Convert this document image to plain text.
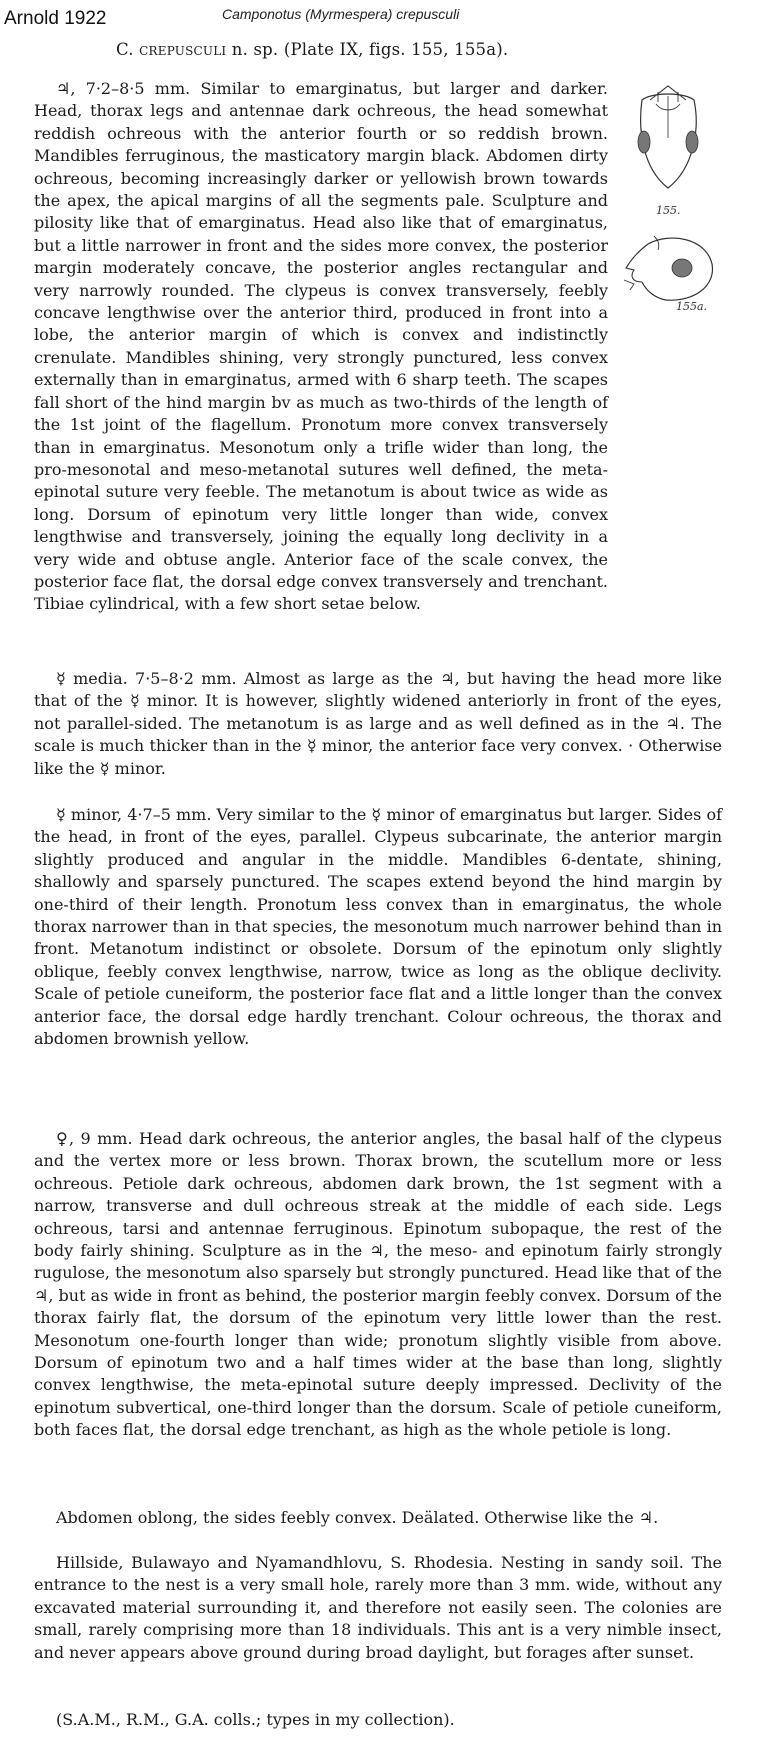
Arnold 1922	Camponotus (Myrmespera) crepusculi
C. crepusculi n. sp. (Plate IX, figs. 155, 155a).
155.
155a.

♃, 7·2–8·5 mm. Similar to emarginatus, but larger and darker. Head, thorax legs and antennae dark ochreous, the head somewhat reddish ochreous with the anterior fourth or so reddish brown. Mandibles ferruginous, the masticatory margin black. Abdomen dirty ochreous, becoming increasingly darker or yellowish brown towards the apex, the apical margins of all the segments pale. Sculpture and pilosity like that of emarginatus. Head also like that of emarginatus, but a little narrower in front and the sides more convex, the posterior margin moderately concave, the posterior angles rectangular and very narrowly rounded. The clypeus is convex transversely, feebly concave lengthwise over the anterior third, produced in front into a lobe, the anterior margin of which is convex and indistinctly crenulate. Mandibles shining, very strongly punctured, less convex externally than in emarginatus, armed with 6 sharp teeth. The scapes fall short of the hind margin bv as much as two-thirds of the length of the 1st joint of the flagellum. Pronotum more convex transversely than in emarginatus. Mesonotum only a trifle wider than long, the pro-mesonotal and meso-metanotal sutures well defined, the meta-epinotal suture very feeble. The metanotum is about twice as wide as long. Dorsum of epinotum very little longer than wide, convex lengthwise and transversely, joining the equally long declivity in a very wide and obtuse angle. Anterior face of the scale convex, the posterior face flat, the dorsal edge convex transversely and trenchant. Tibiae cylindrical, with a few short setae below.

☿ media. 7·5–8·2 mm. Almost as large as the ♃, but having the head more like that of the ☿ minor. It is however, slightly widened anteriorly in front of the eyes, not parallel-sided. The metanotum is as large and as well defined as in the ♃. The scale is much thicker than in the ☿ minor, the anterior face very convex. · Otherwise like the ☿ minor.

☿ minor, 4·7–5 mm. Very similar to the ☿ minor of emarginatus but larger. Sides of the head, in front of the eyes, parallel. Clypeus subcarinate, the anterior margin slightly produced and angular in the middle. Mandibles 6-dentate, shining, shallowly and sparsely punctured. The scapes extend beyond the hind margin by one-third of their length. Pronotum less convex than in emarginatus, the whole thorax narrower than in that species, the mesonotum much narrower behind than in front. Metanotum indistinct or obsolete. Dorsum of the epinotum only slightly oblique, feebly convex lengthwise, narrow, twice as long as the oblique declivity. Scale of petiole cuneiform, the posterior face flat and a little longer than the convex anterior face, the dorsal edge hardly trenchant. Colour ochreous, the thorax and abdomen brownish yellow.

♀, 9 mm. Head dark ochreous, the anterior angles, the basal half of the clypeus and the vertex more or less brown. Thorax brown, the scutellum more or less ochreous. Petiole dark ochreous, abdomen dark brown, the 1st segment with a narrow, transverse and dull ochreous streak at the middle of each side. Legs ochreous, tarsi and antennae ferruginous. Epinotum subopaque, the rest of the body fairly shining. Sculpture as in the ♃, the meso- and epinotum fairly strongly rugulose, the mesonotum also sparsely but strongly punctured. Head like that of the ♃, but as wide in front as behind, the posterior margin feebly convex. Dorsum of the thorax fairly flat, the dorsum of the epinotum very little lower than the rest. Mesonotum one-fourth longer than wide; pronotum slightly visible from above. Dorsum of epinotum two and a half times wider at the base than long, slightly convex lengthwise, the meta-epinotal suture deeply impressed. Declivity of the epinotum subvertical, one-third longer than the dorsum. Scale of petiole cuneiform, both faces flat, the dorsal edge trenchant, as high as the whole petiole is long.

Abdomen oblong, the sides feebly convex. Deälated. Otherwise like the ♃.

Hillside, Bulawayo and Nyamandhlovu, S. Rhodesia. Nesting in sandy soil. The entrance to the nest is a very small hole, rarely more than 3 mm. wide, without any excavated material surrounding it, and therefore not easily seen. The colonies are small, rarely comprising more than 18 individuals. This ant is a very nimble insect, and never appears above ground during broad daylight, but forages after sunset.

(S.A.M., R.M., G.A. colls.; types in my collection).
